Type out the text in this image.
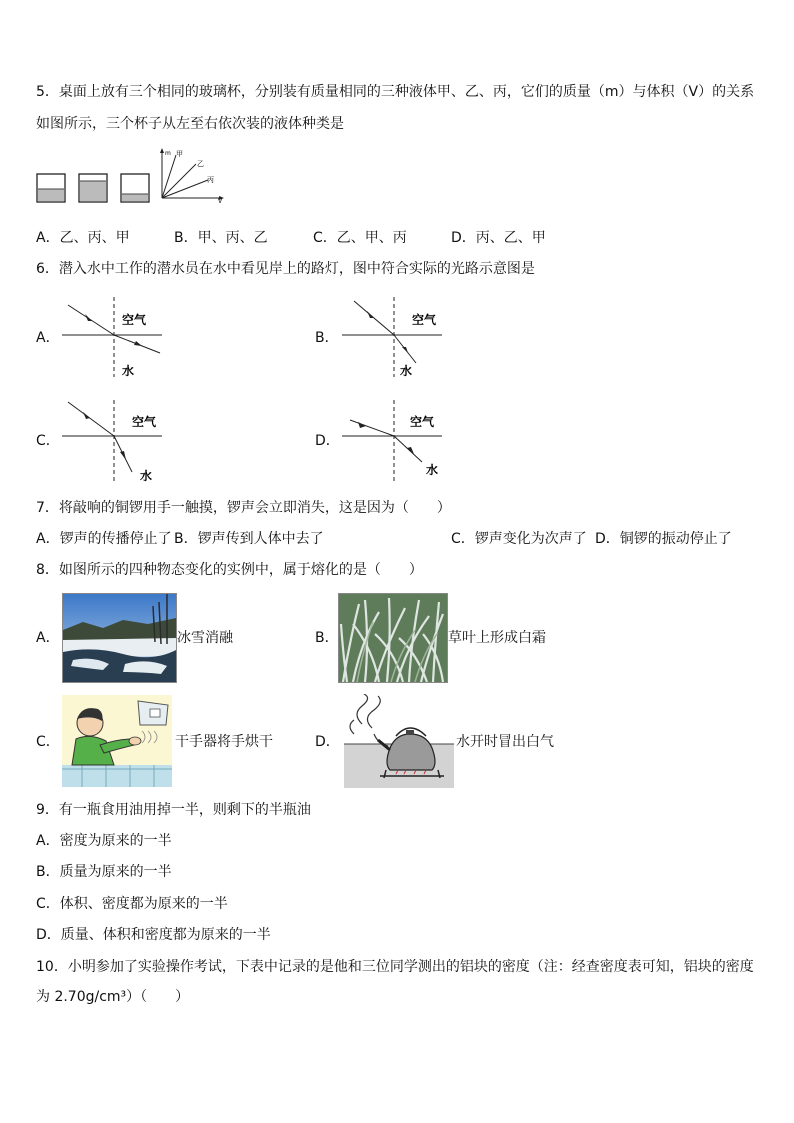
5．桌面上放有三个相同的玻璃杯，分别装有质量相同的三种液体甲、乙、丙，它们的质量（m）与体积（V）的关系
如图所示，三个杯子从左至右依次装的液体种类是
m 甲
乙
丙
V
A．乙、丙、甲	B．甲、丙、乙	C．乙、甲、丙	D．丙、乙、甲
6．潜入水中工作的潜水员在水中看见岸上的路灯，图中符合实际的光路示意图是
A．
空气
水
B．
空气
水
C．
空气
水
D．
空气
水
7．将敲响的铜锣用手一触摸，锣声会立即消失，这是因为（　　）
A．锣声的传播停止了 B．锣声传到人体中去了	C．锣声变化为次声了 D．铜锣的振动停止了
8．如图所示的四种物态变化的实例中，属于熔化的是（　　）
A．	冰雪消融	B．	草叶上形成白霜
C．	干手器将手烘干	D．	水开时冒出白气
9．有一瓶食用油用掉一半，则剩下的半瓶油
A．密度为原来的一半
B．质量为原来的一半
C．体积、密度都为原来的一半
D．质量、体积和密度都为原来的一半
10．小明参加了实验操作考试，下表中记录的是他和三位同学测出的铝块的密度（注：经查密度表可知，铝块的密度
为 2.70g/cm³）（　　）
